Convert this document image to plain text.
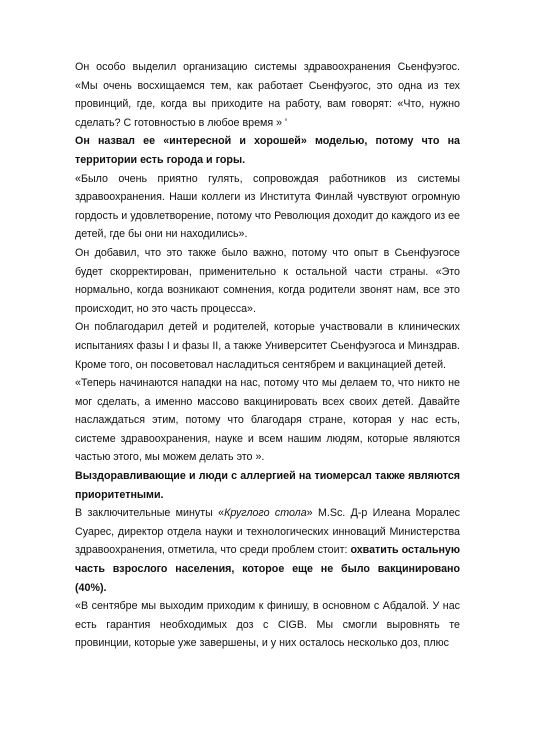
Он особо выделил организацию системы здравоохранения Сьенфуэгос. «Мы очень восхищаемся тем, как работает Сьенфуэгос, это одна из тех провинций, где, когда вы приходите на работу, вам говорят: «Что, нужно сделать? С готовностью в любое время » '

Он назвал ее «интересной и хорошей» моделью, потому что на территории есть города и горы.

«Было очень приятно гулять, сопровождая работников из системы здравоохранения. Наши коллеги из Института Финлай чувствуют огромную гордость и удовлетворение, потому что Революция доходит до каждого из ее детей, где бы они ни находились».

Он добавил, что это также было важно, потому что опыт в Сьенфуэгосе будет скорректирован, применительно к остальной части страны. «Это нормально, когда возникают сомнения, когда родители звонят нам, все это происходит, но это часть процесса».

Он поблагодарил детей и родителей, которые участвовали в клинических испытаниях фазы I и фазы II, а также Университет Сьенфуэгоса и Минздрав. Кроме того, он посоветовал насладиться сентябрем и вакцинацией детей.

«Теперь начинаются нападки на нас, потому что мы делаем то, что никто не мог сделать, а именно массово вакцинировать всех своих детей. Давайте наслаждаться этим, потому что благодаря стране, которая у нас есть, системе здравоохранения, науке и всем нашим людям, которые являются частью этого, мы можем делать это ».

Выздоравливающие и люди с аллергией на тиомерсал также являются приоритетными.

В заключительные минуты «Круглого стола» M.Sc. Д-р Илеана Моралес Суарес, директор отдела науки и технологических инноваций Министерства здравоохранения, отметила, что среди проблем стоит: охватить остальную часть взрослого населения, которое еще не было вакцинировано (40%).

«В сентябре мы выходим приходим к финишу, в основном с Абдалой. У нас есть гарантия необходимых доз с CIGB. Мы смогли выровнять те провинции, которые уже завершены, и у них осталось несколько доз, плюс
